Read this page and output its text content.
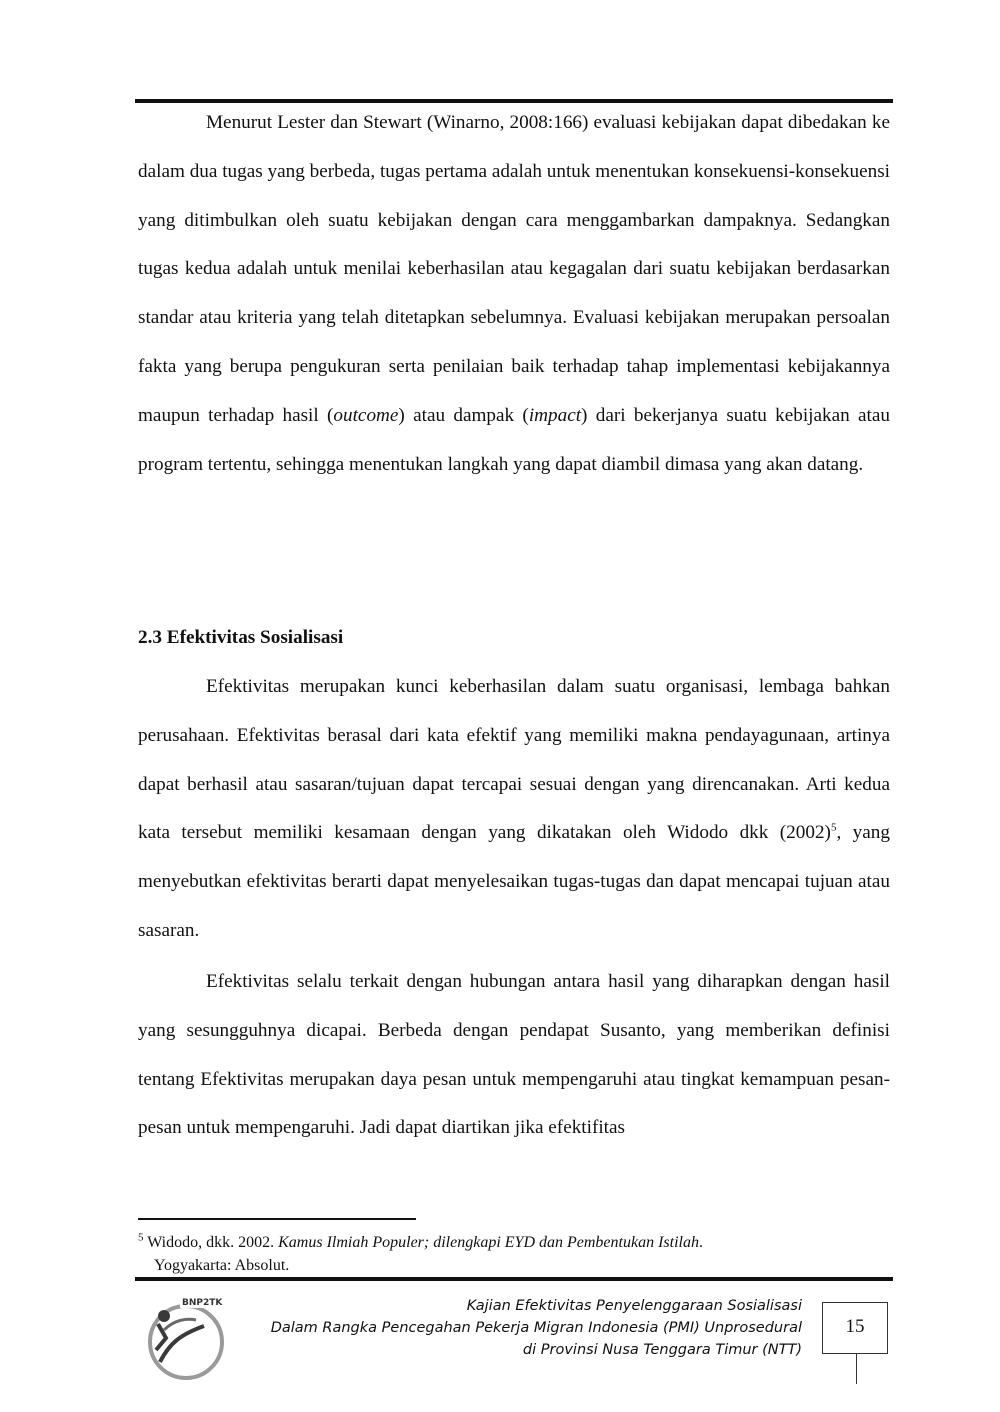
Menurut Lester dan Stewart (Winarno, 2008:166) evaluasi kebijakan dapat dibedakan ke dalam dua tugas yang berbeda, tugas pertama adalah untuk menentukan konsekuensi-konsekuensi yang ditimbulkan oleh suatu kebijakan dengan cara menggambarkan dampaknya. Sedangkan tugas kedua adalah untuk menilai keberhasilan atau kegagalan dari suatu kebijakan berdasarkan standar atau kriteria yang telah ditetapkan sebelumnya. Evaluasi kebijakan merupakan persoalan fakta yang berupa pengukuran serta penilaian baik terhadap tahap implementasi kebijakannya maupun terhadap hasil (outcome) atau dampak (impact) dari bekerjanya suatu kebijakan atau program tertentu, sehingga menentukan langkah yang dapat diambil dimasa yang akan datang.

2.3 Efektivitas Sosialisasi

Efektivitas merupakan kunci keberhasilan dalam suatu organisasi, lembaga bahkan perusahaan. Efektivitas berasal dari kata efektif yang memiliki makna pendayagunaan, artinya dapat berhasil atau sasaran/tujuan dapat tercapai sesuai dengan yang direncanakan. Arti kedua kata tersebut memiliki kesamaan dengan yang dikatakan oleh Widodo dkk $(2002)^5$, yang menyebutkan efektivitas berarti dapat menyelesaikan tugas-tugas dan dapat mencapai tujuan atau sasaran.

Efektivitas selalu terkait dengan hubungan antara hasil yang diharapkan dengan hasil yang sesungguhnya dicapai. Berbeda dengan pendapat Susanto, yang memberikan definisi tentang Efektivitas merupakan daya pesan untuk mempengaruhi atau tingkat kemampuan pesan-pesan untuk mempengaruhi. Jadi dapat diartikan jika efektifitas

$^5$ Widodo, dkk. 2002. Kamus Ilmiah Populer; dilengkapi EYD dan Pembentukan Istilah.
Yogyakarta: Absolut.

BNP2TK	Kajian Efektivitas Penyelenggaraan Sosialisasi
Dalam Rangka Pencegahan Pekerja Migran Indonesia (PMI) Unprosedural
di Provinsi Nusa Tenggara Timur (NTT)
15
